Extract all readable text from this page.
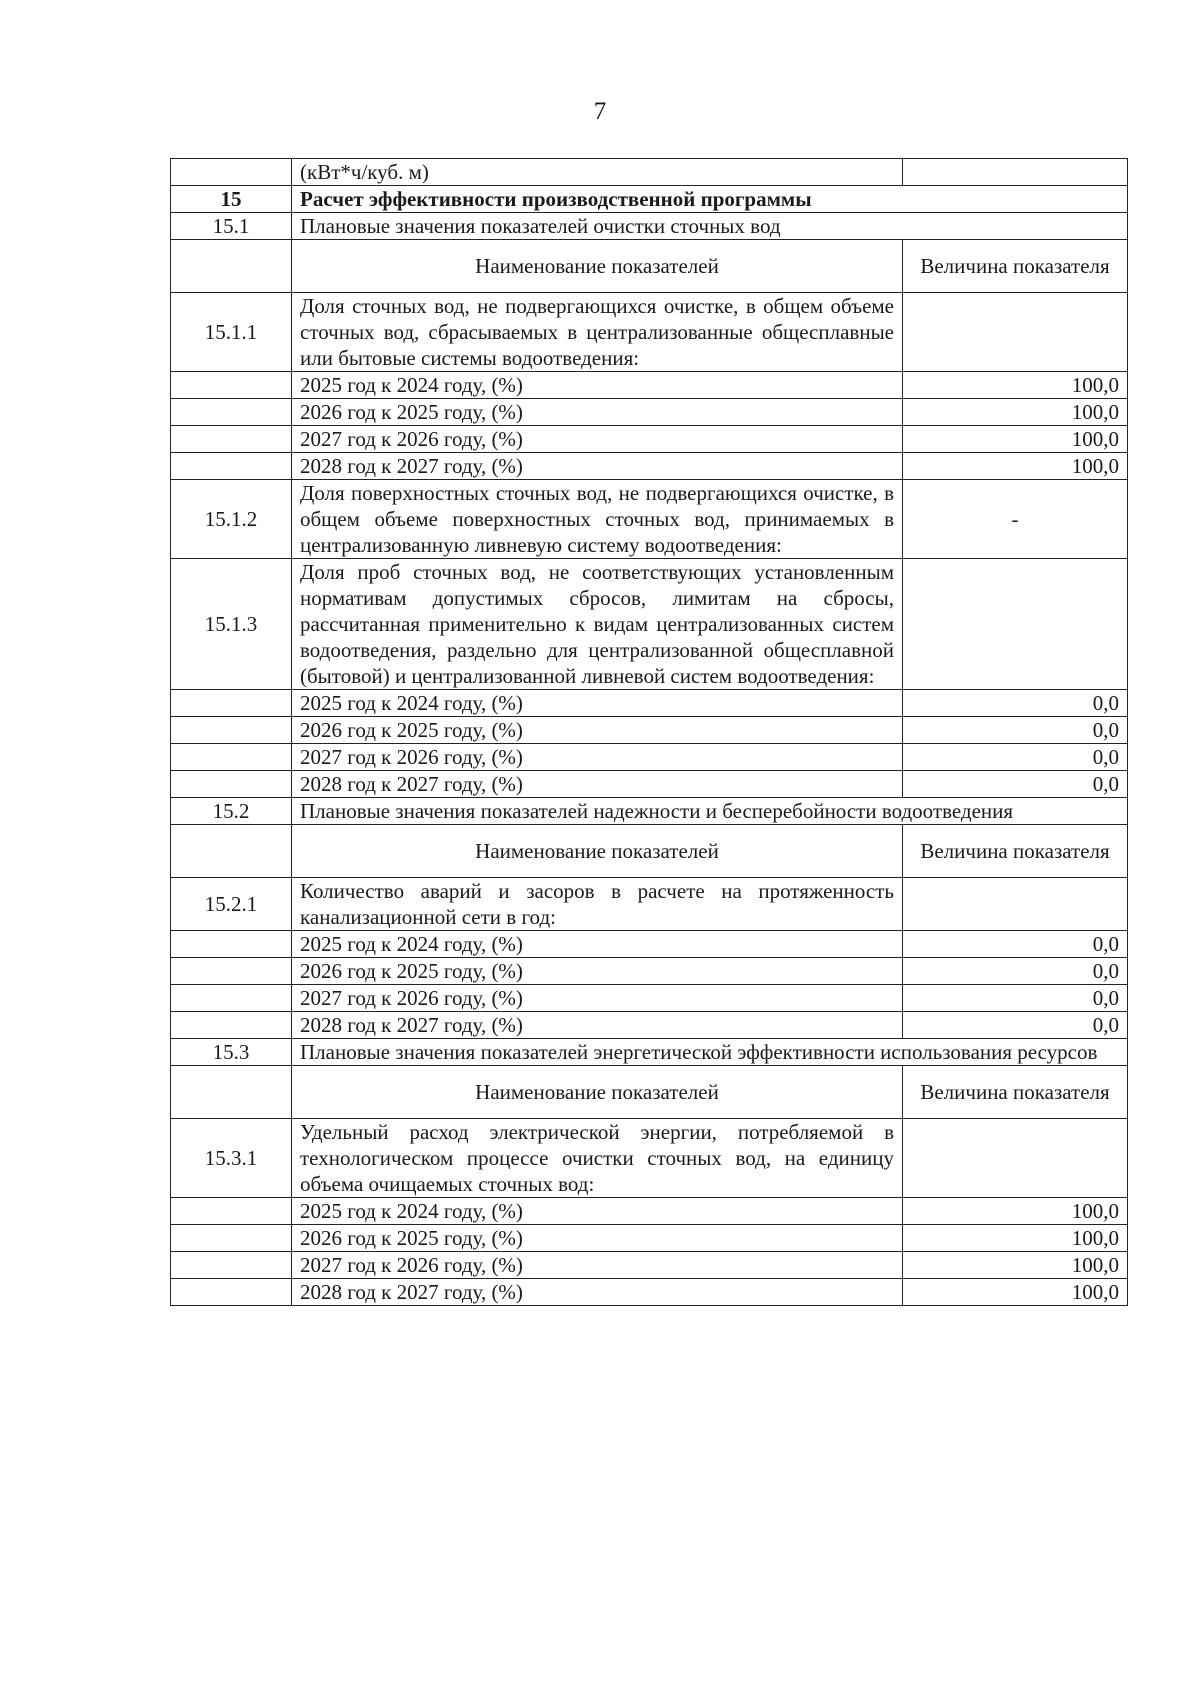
7
	(кВт*ч/куб. м)	
15	Расчет эффективности производственной программы	
15.1	Плановые значения показателей очистки сточных вод	
	Наименование показателей	Величина показателя
15.1.1	Доля сточных вод, не подвергающихся очистке, в общем объеме сточных вод, сбрасываемых в централизованные общесплавные или бытовые системы водоотведения:	
	2025 год к 2024 году, (%)	100,0
	2026 год к 2025 году, (%)	100,0
	2027 год к 2026 году, (%)	100,0
	2028 год к 2027 году, (%)	100,0
15.1.2	Доля поверхностных сточных вод, не подвергающихся очистке, в общем объеме поверхностных сточных вод, принимаемых в централизованную ливневую систему водоотведения:	-
15.1.3	Доля проб сточных вод, не соответствующих установленным нормативам допустимых сбросов, лимитам на сбросы, рассчитанная применительно к видам централизованных систем водоотведения, раздельно для централизованной общесплавной (бытовой) и централизованной ливневой систем водоотведения:	
	2025 год к 2024 году, (%)	0,0
	2026 год к 2025 году, (%)	0,0
	2027 год к 2026 году, (%)	0,0
	2028 год к 2027 году, (%)	0,0
15.2	Плановые значения показателей надежности и бесперебойности водоотведения	
	Наименование показателей	Величина показателя
15.2.1	Количество аварий и засоров в расчете на протяженность канализационной сети в год:	
	2025 год к 2024 году, (%)	0,0
	2026 год к 2025 году, (%)	0,0
	2027 год к 2026 году, (%)	0,0
	2028 год к 2027 году, (%)	0,0
15.3	Плановые значения показателей энергетической эффективности использования ресурсов	
	Наименование показателей	Величина показателя
15.3.1	Удельный расход электрической энергии, потребляемой в технологическом процессе очистки сточных вод, на единицу объема очищаемых сточных вод:	
	2025 год к 2024 году, (%)	100,0
	2026 год к 2025 году, (%)	100,0
	2027 год к 2026 году, (%)	100,0
	2028 год к 2027 году, (%)	100,0
